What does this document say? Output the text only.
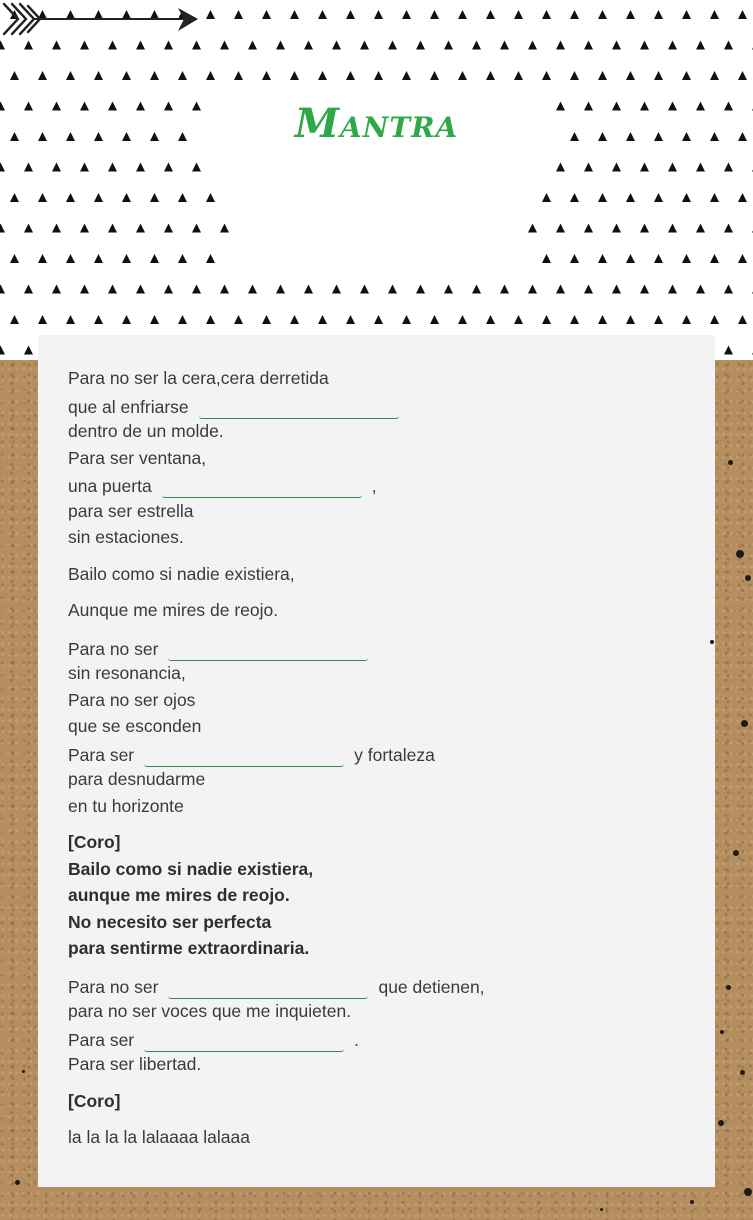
Mantra
Para no ser la cera,cera derretida
que al enfriarse
dentro de un molde.
Para ser ventana,
una puerta	,
para ser estrella
sin estaciones.
Bailo como si nadie existiera,
Aunque me mires de reojo.
Para no ser
sin resonancia,
Para no ser ojos
que se esconden
Para ser	y fortaleza
para desnudarme
en tu horizonte
[Coro]
Bailo como si nadie existiera,
aunque me mires de reojo.
No necesito ser perfecta
para sentirme extraordinaria.
Para no ser	que detienen,
para no ser voces que me inquieten.
Para ser	.
Para ser libertad.
[Coro]
la la la la lalaaaa lalaaa
